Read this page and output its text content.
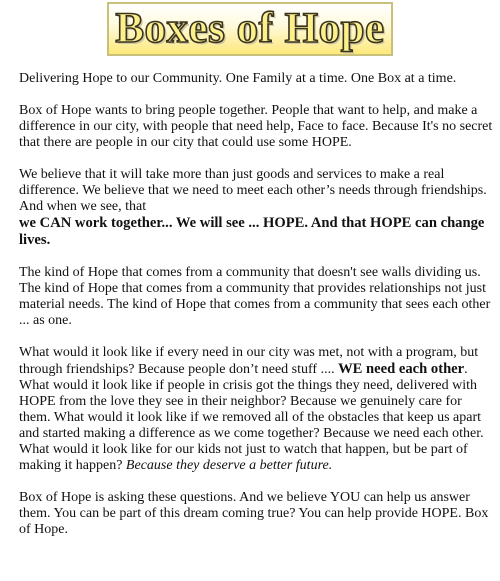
Boxes of Hope

Delivering Hope to our Community. One Family at a time. One Box at a time.

Box of Hope wants to bring people together. People that want to help, and make a difference in our city, with people that need help, Face to face. Because It's no secret that there are people in our city that could use some HOPE.

We believe that it will take more than just goods and services to make a real difference. We believe that we need to meet each other’s needs through friendships. And when we see, that
we CAN work together... We will see ... HOPE. And that HOPE can change lives.

The kind of Hope that comes from a community that doesn't see walls dividing us. The kind of Hope that comes from a community that provides relationships not just material needs. The kind of Hope that comes from a community that sees each other ... as one.

What would it look like if every need in our city was met, not with a program, but through friendships? Because people don’t need stuff .... WE need each other. What would it look like if people in crisis got the things they need, delivered with HOPE from the love they see in their neighbor? Because we genuinely care for them. What would it look like if we removed all of the obstacles that keep us apart and started making a difference as we come together? Because we need each other. What would it look like for our kids not just to watch that happen, but be part of making it happen? Because they deserve a better future.

Box of Hope is asking these questions. And we believe YOU can help us answer them. You can be part of this dream coming true? You can help provide HOPE. Box of Hope.
